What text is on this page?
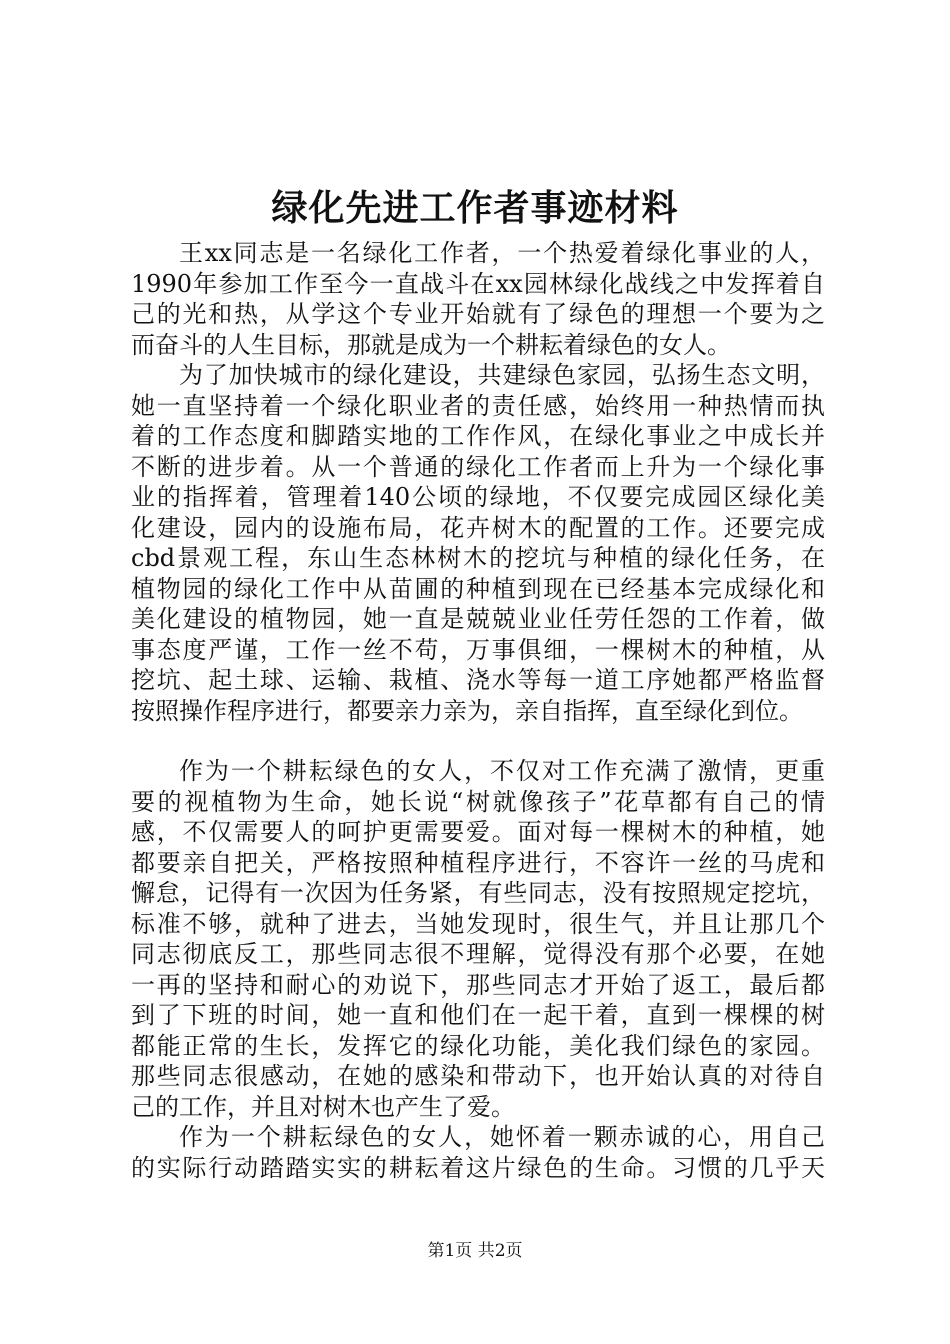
绿化先进工作者事迹材料

王xx同志是一名绿化工作者，一个热爱着绿化事业的人，
1990年参加工作至今一直战斗在xx园林绿化战线之中发挥着自
己的光和热，从学这个专业开始就有了绿色的理想一个要为之
而奋斗的人生目标，那就是成为一个耕耘着绿色的女人。

为了加快城市的绿化建设，共建绿色家园，弘扬生态文明，
她一直坚持着一个绿化职业者的责任感，始终用一种热情而执
着的工作态度和脚踏实地的工作作风，在绿化事业之中成长并
不断的进步着。从一个普通的绿化工作者而上升为一个绿化事
业的指挥着，管理着140公顷的绿地，不仅要完成园区绿化美
化建设，园内的设施布局，花卉树木的配置的工作。还要完成
cbd景观工程，东山生态林树木的挖坑与种植的绿化任务，在
植物园的绿化工作中从苗圃的种植到现在已经基本完成绿化和
美化建设的植物园，她一直是兢兢业业任劳任怨的工作着，做
事态度严谨，工作一丝不苟，万事俱细，一棵树木的种植，从
挖坑、起土球、运输、栽植、浇水等每一道工序她都严格监督
按照操作程序进行，都要亲力亲为，亲自指挥，直至绿化到位。

作为一个耕耘绿色的女人，不仅对工作充满了激情，更重
要的视植物为生命，她长说“树就像孩子”花草都有自己的情
感，不仅需要人的呵护更需要爱。面对每一棵树木的种植，她
都要亲自把关，严格按照种植程序进行，不容许一丝的马虎和
懈怠，记得有一次因为任务紧，有些同志，没有按照规定挖坑，
标准不够，就种了进去，当她发现时，很生气，并且让那几个
同志彻底反工，那些同志很不理解，觉得没有那个必要，在她
一再的坚持和耐心的劝说下，那些同志才开始了返工，最后都
到了下班的时间，她一直和他们在一起干着，直到一棵棵的树
都能正常的生长，发挥它的绿化功能，美化我们绿色的家园。
那些同志很感动，在她的感染和带动下，也开始认真的对待自
己的工作，并且对树木也产生了爱。

作为一个耕耘绿色的女人，她怀着一颗赤诚的心，用自己
的实际行动踏踏实实的耕耘着这片绿色的生命。习惯的几乎天

第1页 共2页
